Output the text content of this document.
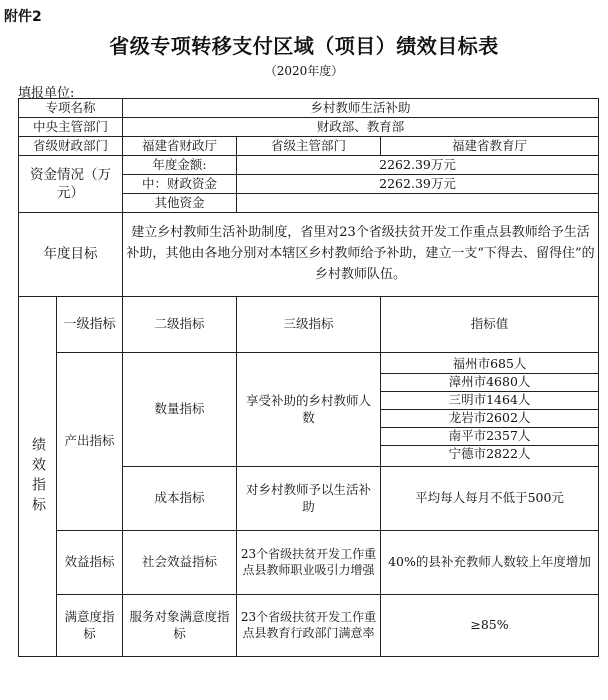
附件2
省级专项转移支付区域（项目）绩效目标表
（2020年度）
填报单位:
专项名称	乡村教师生活补助
中央主管部门	财政部、教育部
省级财政部门	福建省财政厅	省级主管部门	福建省教育厅
资金情况（万元）	年度金额:	2262.39万元
中：财政资金	2262.39万元
其他资金	
年度目标	建立乡村教师生活补助制度，省里对23个省级扶贫开发工作重点县教师给予生活补助，其他由各地分别对本辖区乡村教师给予补助，建立一支“下得去、留得住”的乡村教师队伍。
绩效指标	一级指标	二级指标	三级指标	指标值
产出指标	数量指标	享受补助的乡村教师人数	
福州市685人
漳州市4680人
三明市1464人
龙岩市2602人
南平市2357人
宁德市2822人

成本指标	对乡村教师予以生活补助	平均每人每月不低于500元
效益指标	社会效益指标	23个省级扶贫开发工作重点县教师职业吸引力增强	40%的县补充教师人数较上年度增加
满意度指标	服务对象满意度指标	23个省级扶贫开发工作重点县教育行政部门满意率	≥85%
